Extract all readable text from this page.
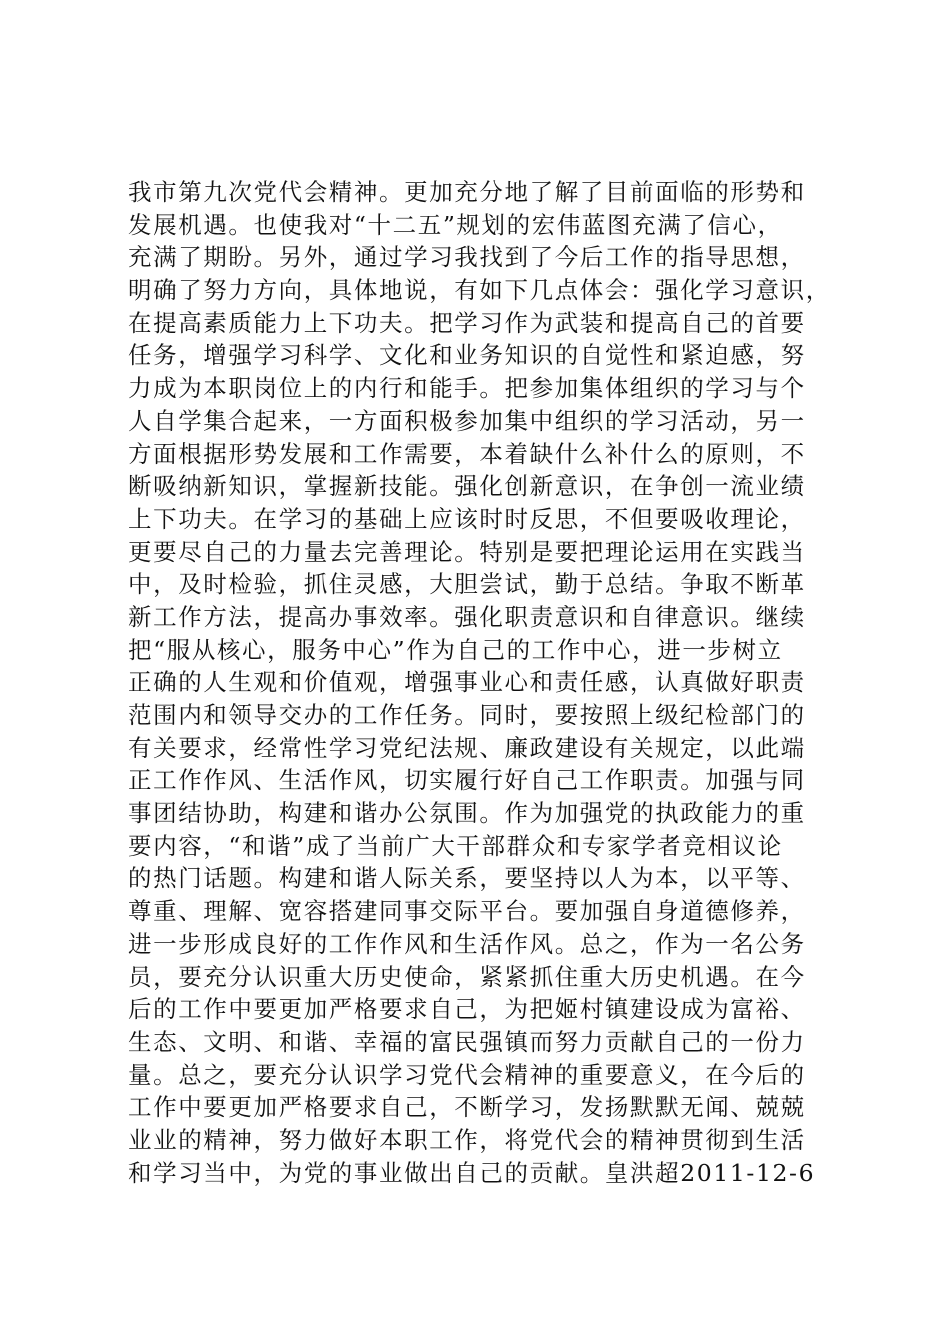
我市第九次党代会精神。更加充分地了解了目前面临的形势和
发展机遇。也使我对“十二五”规划的宏伟蓝图充满了信心，
充满了期盼。另外，通过学习我找到了今后工作的指导思想，
明确了努力方向，具体地说，有如下几点体会：强化学习意识，
在提高素质能力上下功夫。把学习作为武装和提高自己的首要
任务，增强学习科学、文化和业务知识的自觉性和紧迫感，努
力成为本职岗位上的内行和能手。把参加集体组织的学习与个
人自学集合起来，一方面积极参加集中组织的学习活动，另一
方面根据形势发展和工作需要，本着缺什么补什么的原则，不
断吸纳新知识，掌握新技能。强化创新意识，在争创一流业绩
上下功夫。在学习的基础上应该时时反思，不但要吸收理论，
更要尽自己的力量去完善理论。特别是要把理论运用在实践当
中，及时检验，抓住灵感，大胆尝试，勤于总结。争取不断革
新工作方法，提高办事效率。强化职责意识和自律意识。继续
把“服从核心，服务中心”作为自己的工作中心，进一步树立
正确的人生观和价值观，增强事业心和责任感，认真做好职责
范围内和领导交办的工作任务。同时，要按照上级纪检部门的
有关要求，经常性学习党纪法规、廉政建设有关规定，以此端
正工作作风、生活作风，切实履行好自己工作职责。加强与同
事团结协助，构建和谐办公氛围。作为加强党的执政能力的重
要内容，“和谐”成了当前广大干部群众和专家学者竞相议论
的热门话题。构建和谐人际关系，要坚持以人为本，以平等、
尊重、理解、宽容搭建同事交际平台。要加强自身道德修养，
进一步形成良好的工作作风和生活作风。总之，作为一名公务
员，要充分认识重大历史使命，紧紧抓住重大历史机遇。在今
后的工作中要更加严格要求自己，为把姬村镇建设成为富裕、
生态、文明、和谐、幸福的富民强镇而努力贡献自己的一份力
量。总之，要充分认识学习党代会精神的重要意义，在今后的
工作中要更加严格要求自己，不断学习，发扬默默无闻、兢兢
业业的精神，努力做好本职工作，将党代会的精神贯彻到生活
和学习当中，为党的事业做出自己的贡献。皇洪超2011-12-6
